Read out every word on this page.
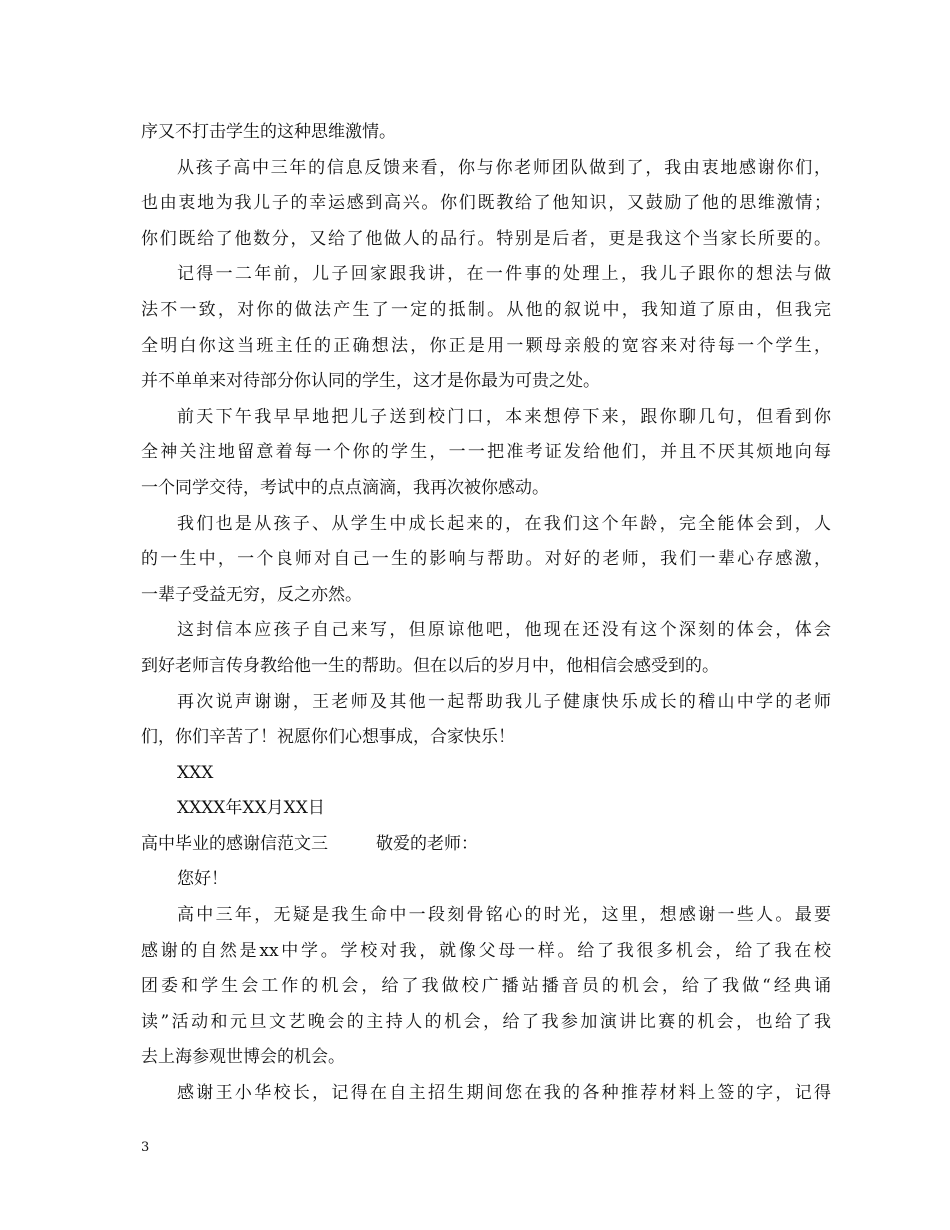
序又不打击学生的这种思维激情。
从孩子高中三年的信息反馈来看，你与你老师团队做到了，我由衷地感谢你们，
也由衷地为我儿子的幸运感到高兴。你们既教给了他知识，又鼓励了他的思维激情；
你们既给了他数分，又给了他做人的品行。特别是后者，更是我这个当家长所要的。
记得一二年前，儿子回家跟我讲，在一件事的处理上，我儿子跟你的想法与做
法不一致，对你的做法产生了一定的抵制。从他的叙说中，我知道了原由，但我完
全明白你这当班主任的正确想法，你正是用一颗母亲般的宽容来对待每一个学生，
并不单单来对待部分你认同的学生，这才是你最为可贵之处。
前天下午我早早地把儿子送到校门口，本来想停下来，跟你聊几句，但看到你
全神关注地留意着每一个你的学生，一一把准考证发给他们，并且不厌其烦地向每
一个同学交待，考试中的点点滴滴，我再次被你感动。
我们也是从孩子、从学生中成长起来的，在我们这个年龄，完全能体会到，人
的一生中，一个良师对自己一生的影响与帮助。对好的老师，我们一辈心存感激，
一辈子受益无穷，反之亦然。
这封信本应孩子自己来写，但原谅他吧，他现在还没有这个深刻的体会，体会
到好老师言传身教给他一生的帮助。但在以后的岁月中，他相信会感受到的。
再次说声谢谢，王老师及其他一起帮助我儿子健康快乐成长的稽山中学的老师
们，你们辛苦了！祝愿你们心想事成，合家快乐！
XXX
XXXX年XX月XX日
高中毕业的感谢信范文三	敬爱的老师：
您好！
高中三年，无疑是我生命中一段刻骨铭心的时光，这里，想感谢一些人。最要
感谢的自然是xx中学。学校对我，就像父母一样。给了我很多机会，给了我在校
团委和学生会工作的机会，给了我做校广播站播音员的机会，给了我做“经典诵
读”活动和元旦文艺晚会的主持人的机会，给了我参加演讲比赛的机会，也给了我
去上海参观世博会的机会。
感谢王小华校长，记得在自主招生期间您在我的各种推荐材料上签的字，记得
3
